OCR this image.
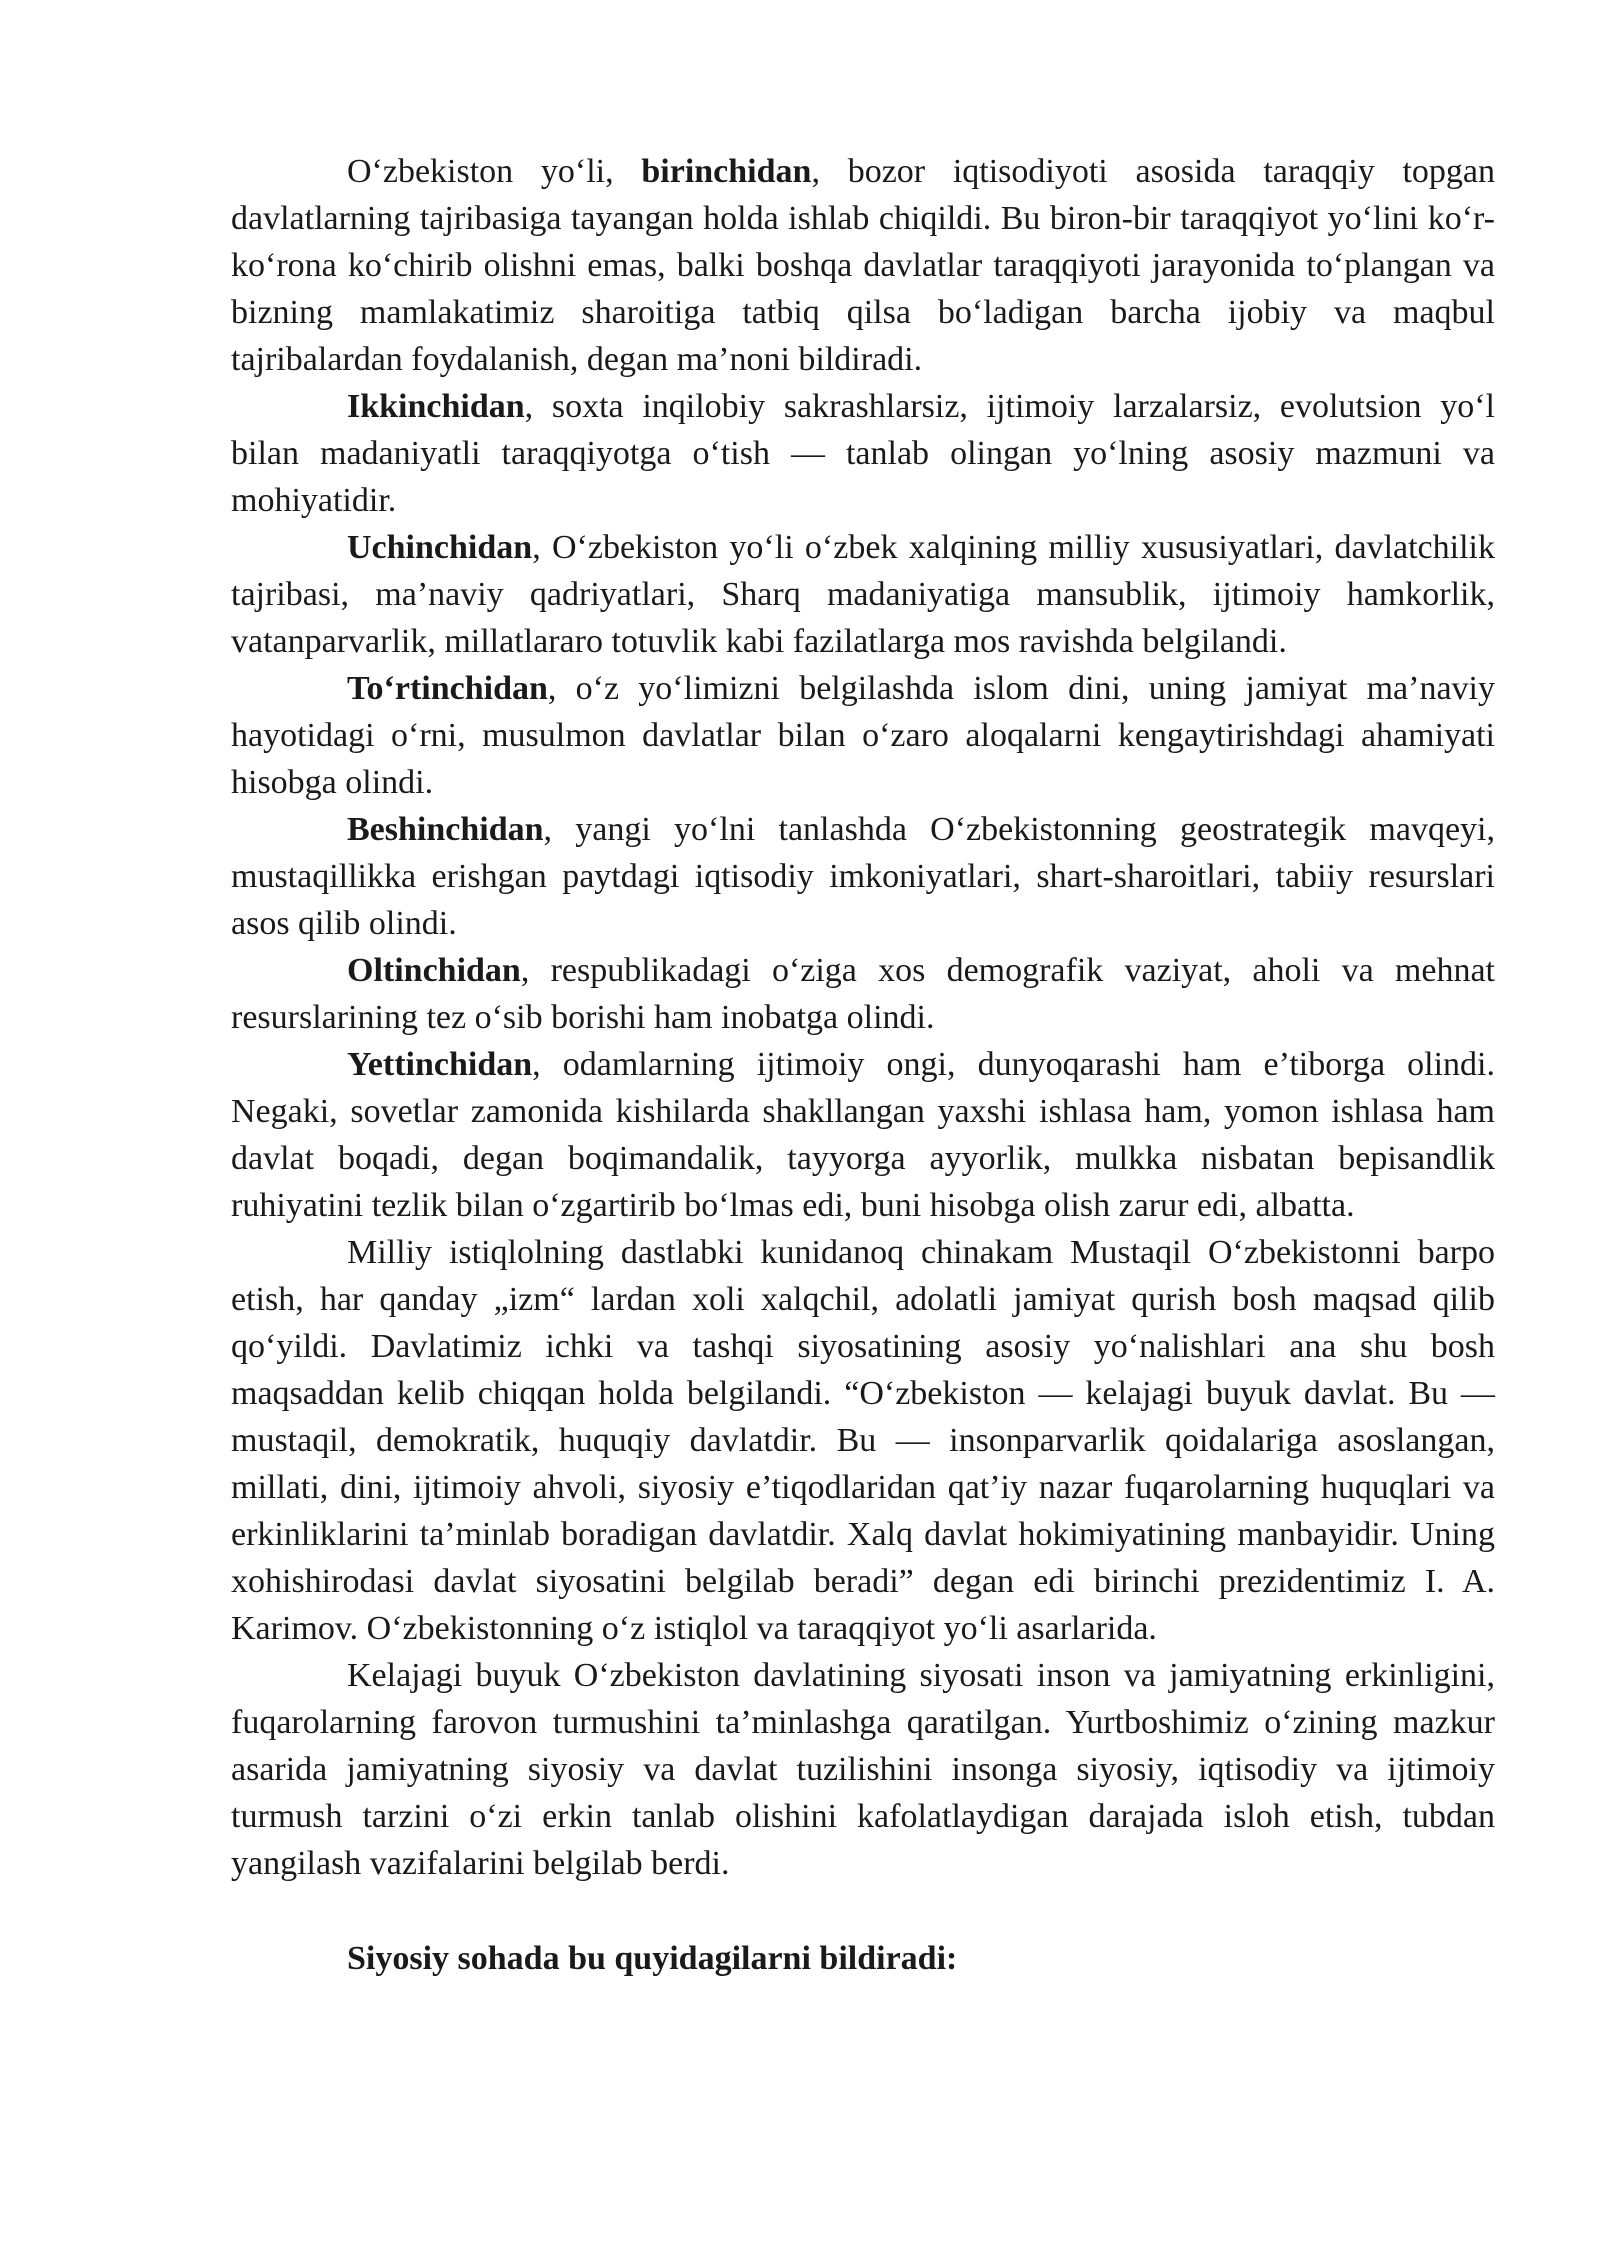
O‘zbekiston yo‘li, birinchidan, bozor iqtisodiyoti asosida taraqqiy topgan davlatlarning tajribasiga tayangan holda ishlab chiqildi. Bu biron-bir taraqqiyot yo‘lini ko‘r-ko‘rona ko‘chirib olishni emas, balki boshqa davlatlar taraqqiyoti jarayonida to‘plangan va bizning mamlakatimiz sharoitiga tatbiq qilsa bo‘ladigan barcha ijobiy va maqbul tajribalardan foydalanish, degan ma’noni bildiradi.

Ikkinchidan, soxta inqilobiy sakrashlarsiz, ijtimoiy larzalarsiz, evolutsion yo‘l bilan madaniyatli taraqqiyotga o‘tish — tanlab olingan yo‘lning asosiy mazmuni va mohiyatidir.

Uchinchidan, O‘zbekiston yo‘li o‘zbek xalqining milliy xususiyatlari, davlatchilik tajribasi, ma’naviy qadriyatlari, Sharq madaniyatiga mansublik, ijtimoiy hamkorlik, vatanparvarlik, millatlararo totuvlik kabi fazilatlarga mos ravishda belgilandi.

To‘rtinchidan, o‘z yo‘limizni belgilashda islom dini, uning jamiyat ma’naviy hayotidagi o‘rni, musulmon davlatlar bilan o‘zaro aloqalarni kengaytirishdagi ahamiyati hisobga olindi.

Beshinchidan, yangi yo‘lni tanlashda O‘zbekistonning geostrategik mavqeyi, mustaqillikka erishgan paytdagi iqtisodiy imkoniyatlari, shart-sharoitlari, tabiiy resurslari asos qilib olindi.

Oltinchidan, respublikadagi o‘ziga xos demografik vaziyat, aholi va mehnat resurslarining tez o‘sib borishi ham inobatga olindi.

Yettinchidan, odamlarning ijtimoiy ongi, dunyoqarashi ham e’tiborga olindi. Negaki, sovetlar zamonida kishilarda shakllangan yaxshi ishlasa ham, yomon ishlasa ham davlat boqadi, degan boqimandalik, tayyorga ayyorlik, mulkka nisbatan bepisandlik ruhiyatini tezlik bilan o‘zgartirib bo‘lmas edi, buni hisobga olish zarur edi, albatta.

Milliy istiqlolning dastlabki kunidanoq chinakam Mustaqil O‘zbekistonni barpo etish, har qanday „izm“ lardan xoli xalqchil, adolatli jamiyat qurish bosh maqsad qilib qo‘yildi. Davlatimiz ichki va tashqi siyosatining asosiy yo‘nalishlari ana shu bosh maqsaddan kelib chiqqan holda belgilandi. “O‘zbekiston — kelajagi buyuk davlat. Bu — mustaqil, demokratik, huquqiy davlatdir. Bu — insonparvarlik qoidalariga asoslangan, millati, dini, ijtimoiy ahvoli, siyosiy e’tiqodlaridan qat’iy nazar fuqarolarning huquqlari va erkinliklarini ta’minlab boradigan davlatdir. Xalq davlat hokimiyatining manbayidir. Uning xohishirodasi davlat siyosatini belgilab beradi” degan edi birinchi prezidentimiz I. A. Karimov. O‘zbekistonning o‘z istiqlol va taraqqiyot yo‘li asarlarida.

Kelajagi buyuk O‘zbekiston davlatining siyosati inson va jamiyatning erkinligini, fuqarolarning farovon turmushini ta’minlashga qaratilgan. Yurtboshimiz o‘zining mazkur asarida jamiyatning siyosiy va davlat tuzilishini insonga siyosiy, iqtisodiy va ijtimoiy turmush tarzini o‘zi erkin tanlab olishini kafolatlaydigan darajada isloh etish, tubdan yangilash vazifalarini belgilab berdi.

Siyosiy sohada bu quyidagilarni bildiradi:
